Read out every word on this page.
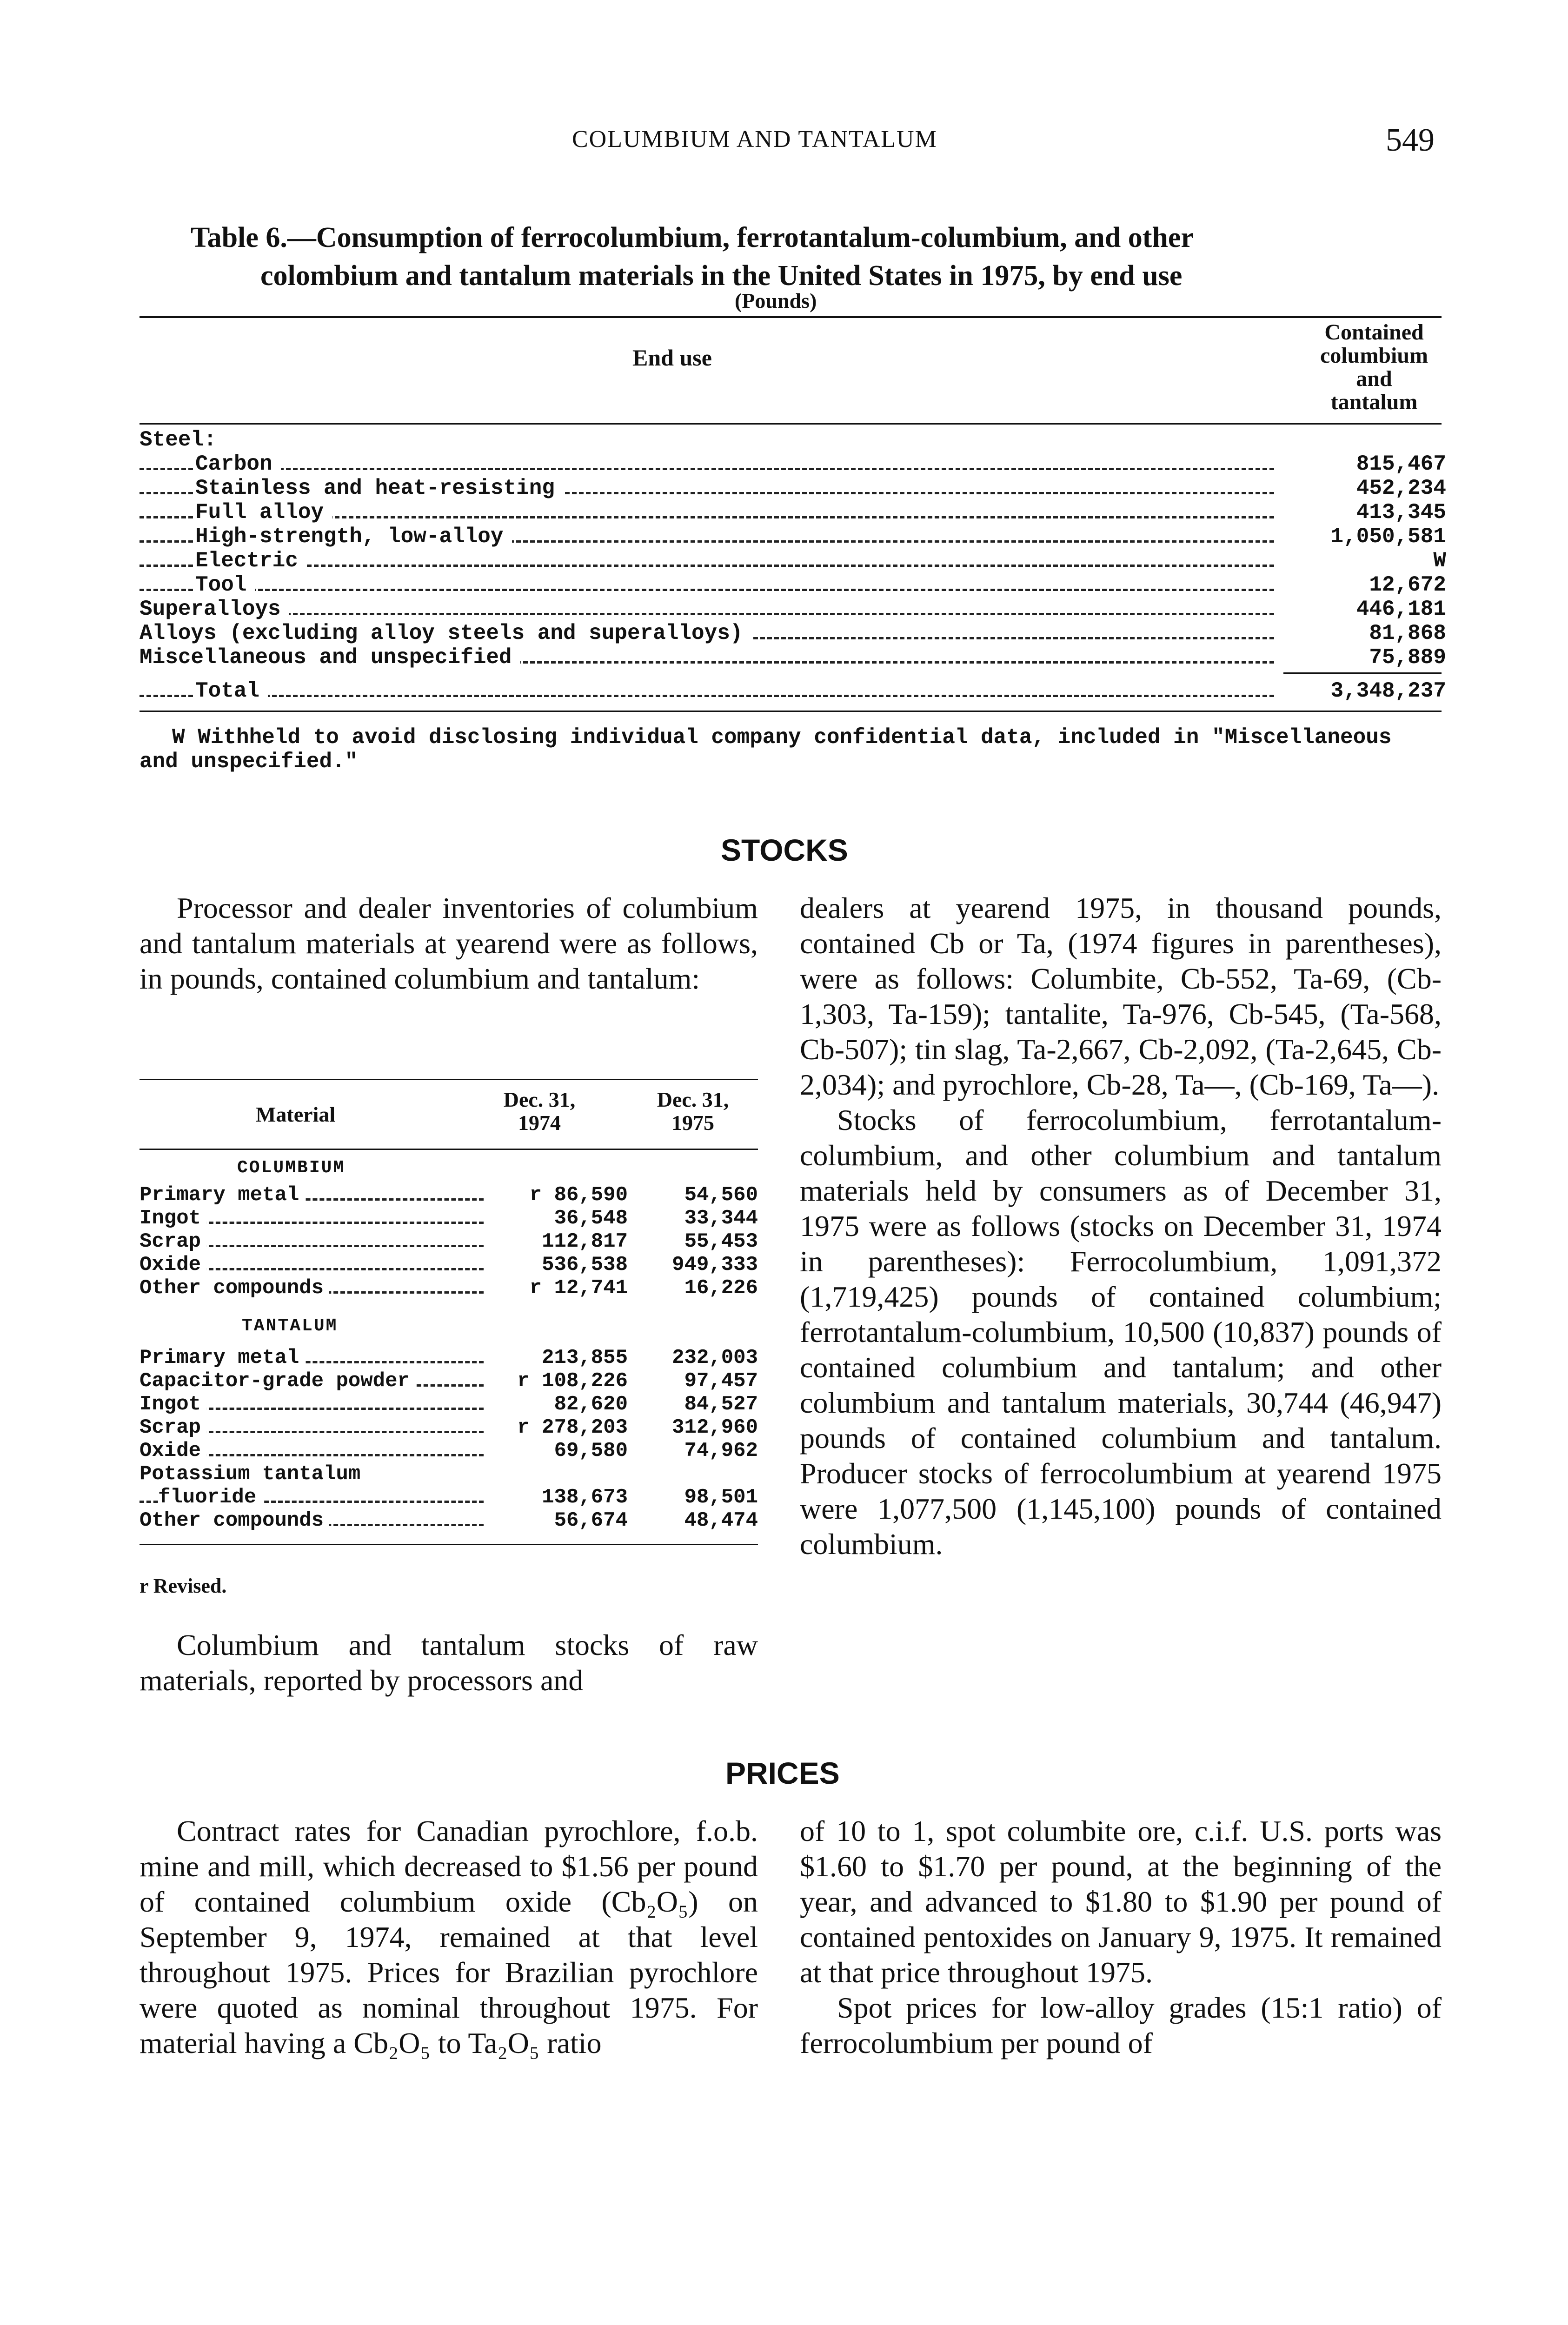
COLUMBIUM AND TANTALUM	549
Table 6.—Consumption of ferrocolumbium, ferrotantalum-columbium, and other
colombium and tantalum materials in the United States in 1975, by end use
(Pounds)
End use
Contained
columbium
and
tantalum
Steel:
Carbon	815,467
Stainless and heat-resisting	452,234
Full alloy	413,345
High-strength, low-alloy	1,050,581
Electric	W
Tool	12,672
Superalloys	446,181
Alloys (excluding alloy steels and superalloys)	81,868
Miscellaneous and unspecified	75,889
Total	3,348,237
W Withheld to avoid disclosing individual company confidential data, included in "Miscellaneous
and unspecified."
STOCKS

Processor and dealer inventories of columbium and tantalum materials at yearend were as follows, in pounds, contained columbium and tantalum:

Material
Dec. 31,
1974
Dec. 31,
1975
COLUMBIUM
Primary metal	r 86,590	54,560
Ingot	36,548	33,344
Scrap	112,817	55,453
Oxide	536,538	949,333
Other compounds	r 12,741	16,226
TANTALUM
Primary metal	213,855	232,003
Capacitor-grade powder	r 108,226	97,457
Ingot	82,620	84,527
Scrap	r 278,203	312,960
Oxide	69,580	74,962
Potassium tantalum
fluoride	138,673	98,501
Other compounds	56,674	48,474
r Revised.

Columbium and tantalum stocks of raw materials, reported by processors and

dealers at yearend 1975, in thousand pounds, contained Cb or Ta, (1974 figures in parentheses), were as follows: Columbite, Cb-552, Ta-69, (Cb-1,303, Ta-159); tantalite, Ta-976, Cb-545, (Ta-568, Cb-507); tin slag, Ta-2,667, Cb-2,092, (Ta-2,645, Cb-2,034); and pyrochlore, Cb-28, Ta—, (Cb-169, Ta—).

Stocks of ferrocolumbium, ferrotantalum-columbium, and other columbium and tantalum materials held by consumers as of December 31, 1975 were as follows (stocks on December 31, 1974 in parentheses): Ferrocolumbium, 1,091,372 (1,719,425) pounds of contained columbium; ferrotantalum-columbium, 10,500 (10,837) pounds of contained columbium and tantalum; and other columbium and tantalum materials, 30,744 (46,947) pounds of contained columbium and tantalum. Producer stocks of ferrocolumbium at yearend 1975 were 1,077,500 (1,145,100) pounds of contained columbium.

PRICES

Contract rates for Canadian pyrochlore, f.o.b. mine and mill, which decreased to $1.56 per pound of contained columbium oxide (Cb₂O₅) on September 9, 1974, remained at that level throughout 1975. Prices for Brazilian pyrochlore were quoted as nominal throughout 1975. For material having a Cb₂O₅ to Ta₂O₅ ratio

of 10 to 1, spot columbite ore, c.i.f. U.S. ports was $1.60 to $1.70 per pound, at the beginning of the year, and advanced to $1.80 to $1.90 per pound of contained pentoxides on January 9, 1975. It remained at that price throughout 1975.

Spot prices for low-alloy grades (15:1 ratio) of ferrocolumbium per pound of
